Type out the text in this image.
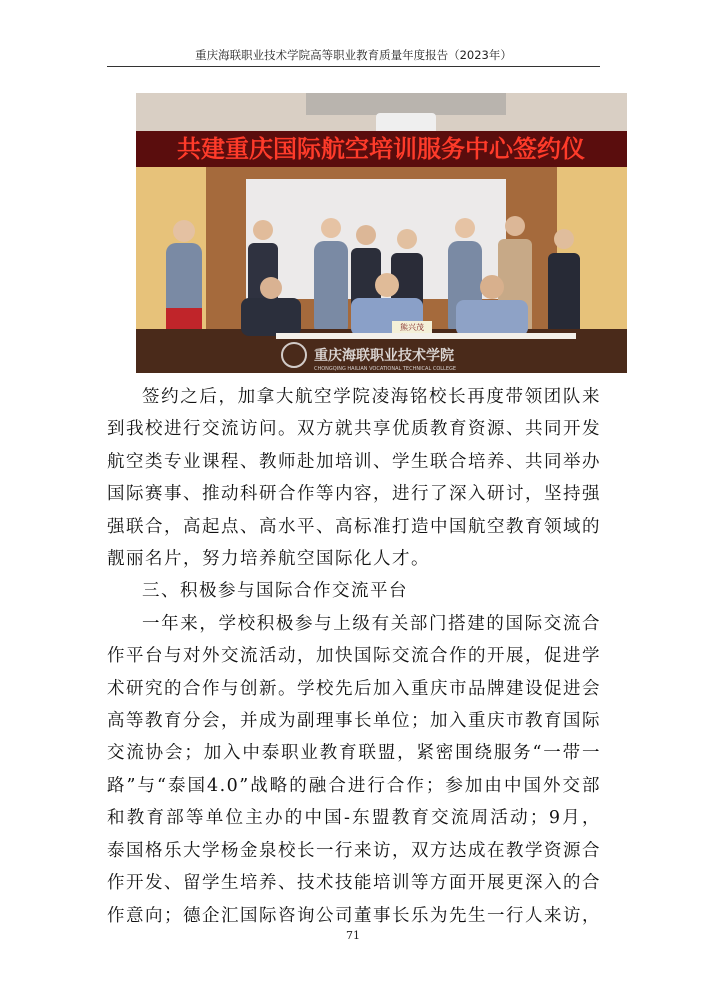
重庆海联职业技术学院高等职业教育质量年度报告（2023年）
共建重庆国际航空培训服务中心签约仪
熊兴茂
重庆海联职业技术学院
CHONGQING HAILIAN VOCATIONAL TECHNICAL COLLEGE

签约之后，加拿大航空学院凌海铭校长再度带领团队来到我校进行交流访问。双方就共享优质教育资源、共同开发航空类专业课程、教师赴加培训、学生联合培养、共同举办国际赛事、推动科研合作等内容，进行了深入研讨，坚持强强联合，高起点、高水平、高标准打造中国航空教育领域的靓丽名片，努力培养航空国际化人才。

三、积极参与国际合作交流平台

一年来，学校积极参与上级有关部门搭建的国际交流合作平台与对外交流活动，加快国际交流合作的开展，促进学术研究的合作与创新。学校先后加入重庆市品牌建设促进会高等教育分会，并成为副理事长单位；加入重庆市教育国际交流协会；加入中泰职业教育联盟，紧密围绕服务“一带一路”与“泰国4.0”战略的融合进行合作；参加由中国外交部和教育部等单位主办的中国-东盟教育交流周活动；9月，泰国格乐大学杨金泉校长一行来访，双方达成在教学资源合作开发、留学生培养、技术技能培训等方面开展更深入的合作意向；德企汇国际咨询公司董事长乐为先生一行人来访，

71
